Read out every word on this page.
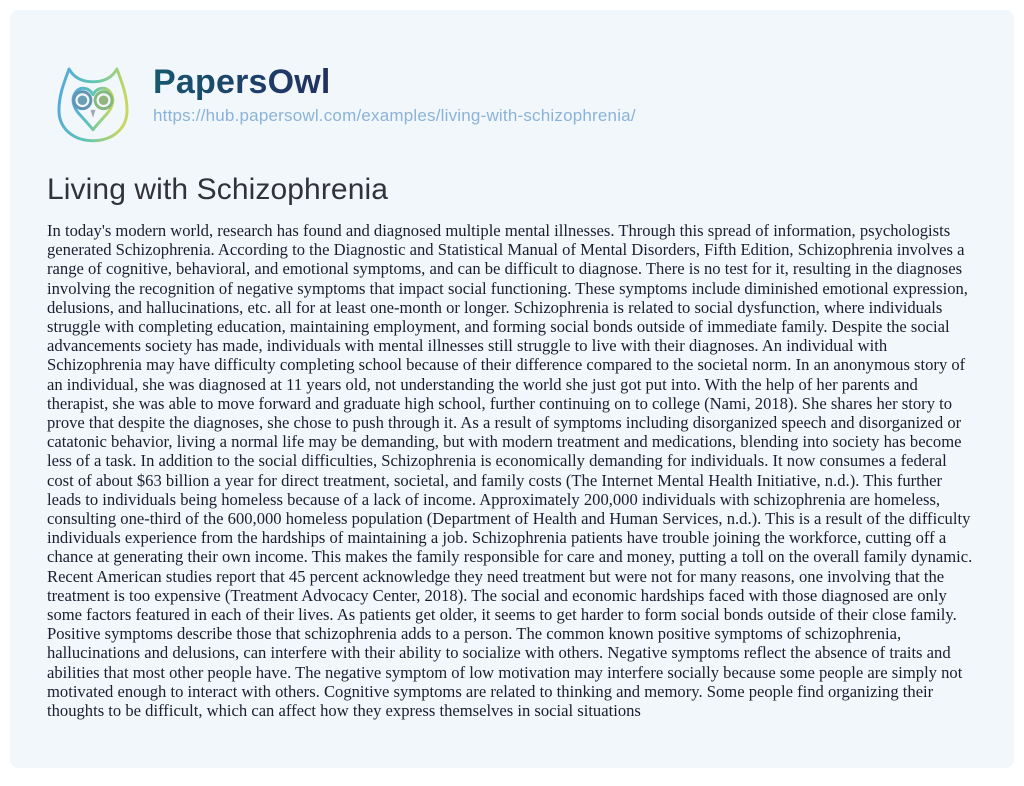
PapersOwl
https://hub.papersowl.com/examples/living-with-schizophrenia/
Living with Schizophrenia

In today's modern world, research has found and diagnosed multiple mental illnesses. Through this spread of information, psychologists generated Schizophrenia. According to the Diagnostic and Statistical Manual of Mental Disorders, Fifth Edition, Schizophrenia involves a range of cognitive, behavioral, and emotional symptoms, and can be difficult to diagnose. There is no test for it, resulting in the diagnoses involving the recognition of negative symptoms that impact social functioning. These symptoms include diminished emotional expression, delusions, and hallucinations, etc. all for at least one-month or longer. Schizophrenia is related to social dysfunction, where individuals struggle with completing education, maintaining employment, and forming social bonds outside of immediate family. Despite the social advancements society has made, individuals with mental illnesses still struggle to live with their diagnoses. An individual with Schizophrenia may have difficulty completing school because of their difference compared to the societal norm. In an anonymous story of an individual, she was diagnosed at 11 years old, not understanding the world she just got put into. With the help of her parents and therapist, she was able to move forward and graduate high school, further continuing on to college (Nami, 2018). She shares her story to prove that despite the diagnoses, she chose to push through it. As a result of symptoms including disorganized speech and disorganized or catatonic behavior, living a normal life may be demanding, but with modern treatment and medications, blending into society has become less of a task. In addition to the social difficulties, Schizophrenia is economically demanding for individuals. It now consumes a federal cost of about $63 billion a year for direct treatment, societal, and family costs (The Internet Mental Health Initiative, n.d.). This further leads to individuals being homeless because of a lack of income. Approximately 200,000 individuals with schizophrenia are homeless, consulting one-third of the 600,000 homeless population (Department of Health and Human Services, n.d.). This is a result of the difficulty individuals experience from the hardships of maintaining a job. Schizophrenia patients have trouble joining the workforce, cutting off a chance at generating their own income. This makes the family responsible for care and money, putting a toll on the overall family dynamic. Recent American studies report that 45 percent acknowledge they need treatment but were not for many reasons, one involving that the treatment is too expensive (Treatment Advocacy Center, 2018). The social and economic hardships faced with those diagnosed are only some factors featured in each of their lives. As patients get older, it seems to get harder to form social bonds outside of their close family. Positive symptoms describe those that schizophrenia adds to a person. The common known positive symptoms of schizophrenia, hallucinations and delusions, can interfere with their ability to socialize with others. Negative symptoms reflect the absence of traits and abilities that most other people have. The negative symptom of low motivation may interfere socially because some people are simply not motivated enough to interact with others. Cognitive symptoms are related to thinking and memory. Some people find organizing their thoughts to be difficult, which can affect how they express themselves in social situations
